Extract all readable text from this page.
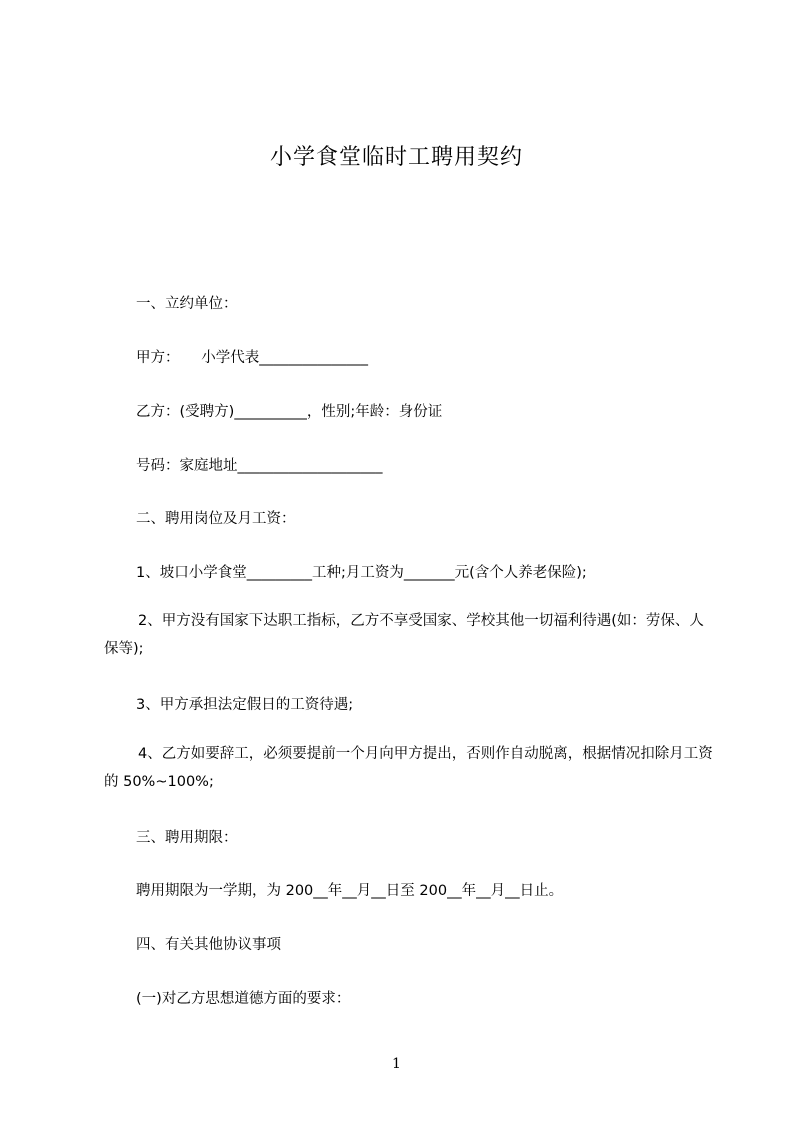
小学食堂临时工聘用契约
一、立约单位：
甲方：　　小学代表_______________
乙方：(受聘方)__________，性别;年龄：身份证
号码：家庭地址____________________
二、聘用岗位及月工资：
1、坡口小学食堂_________工种;月工资为_______元(含个人养老保险);
2、甲方没有国家下达职工指标，乙方不享受国家、学校其他一切福利待遇(如：劳保、人保等);
3、甲方承担法定假日的工资待遇;
4、乙方如要辞工，必须要提前一个月向甲方提出，否则作自动脱离，根据情况扣除月工资的 50%~100%;
三、聘用期限：
聘用期限为一学期，为 200__年__月__日至 200__年__月__日止。
四、有关其他协议事项
(一)对乙方思想道德方面的要求：
1
